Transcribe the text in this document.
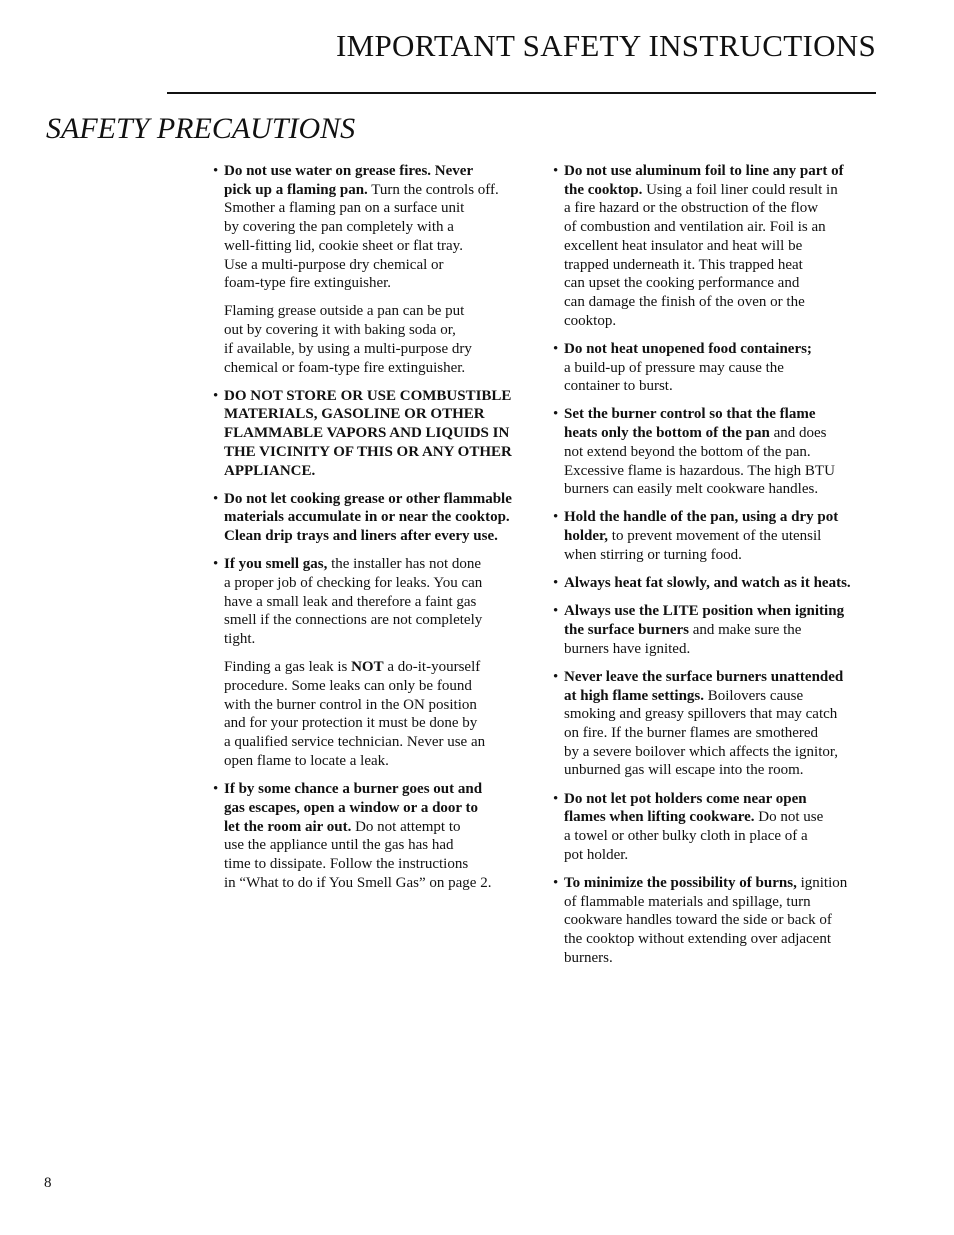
IMPORTANT SAFETY INSTRUCTIONS
SAFETY PRECAUTIONS
• Do not use water on grease fires. Never
pick up a flaming pan. Turn the controls off.
Smother a flaming pan on a surface unit
by covering the pan completely with a
well-fitting lid, cookie sheet or flat tray.
Use a multi-purpose dry chemical or
foam-type fire extinguisher.
Flaming grease outside a pan can be put
out by covering it with baking soda or,
if available, by using a multi-purpose dry
chemical or foam-type fire extinguisher.
• DO NOT STORE OR USE COMBUSTIBLE
MATERIALS, GASOLINE OR OTHER
FLAMMABLE VAPORS AND LIQUIDS IN
THE VICINITY OF THIS OR ANY OTHER
APPLIANCE.
• Do not let cooking grease or other flammable
materials accumulate in or near the cooktop.
Clean drip trays and liners after every use.
• If you smell gas, the installer has not done
a proper job of checking for leaks. You can
have a small leak and therefore a faint gas
smell if the connections are not completely
tight.
Finding a gas leak is NOT a do-it-yourself
procedure. Some leaks can only be found
with the burner control in the ON position
and for your protection it must be done by
a qualified service technician. Never use an
open flame to locate a leak.
• If by some chance a burner goes out and
gas escapes, open a window or a door to
let the room air out. Do not attempt to
use the appliance until the gas has had
time to dissipate. Follow the instructions
in “What to do if You Smell Gas” on page 2.
• Do not use aluminum foil to line any part of
the cooktop. Using a foil liner could result in
a fire hazard or the obstruction of the flow
of combustion and ventilation air. Foil is an
excellent heat insulator and heat will be
trapped underneath it. This trapped heat
can upset the cooking performance and
can damage the finish of the oven or the
cooktop.
• Do not heat unopened food containers;
a build-up of pressure may cause the
container to burst.
• Set the burner control so that the flame
heats only the bottom of the pan and does
not extend beyond the bottom of the pan.
Excessive flame is hazardous. The high BTU
burners can easily melt cookware handles.
• Hold the handle of the pan, using a dry pot
holder, to prevent movement of the utensil
when stirring or turning food.
• Always heat fat slowly, and watch as it heats.
• Always use the LITE position when igniting
the surface burners and make sure the
burners have ignited.
• Never leave the surface burners unattended
at high flame settings. Boilovers cause
smoking and greasy spillovers that may catch
on fire. If the burner flames are smothered
by a severe boilover which affects the ignitor,
unburned gas will escape into the room.
• Do not let pot holders come near open
flames when lifting cookware. Do not use
a towel or other bulky cloth in place of a
pot holder.
• To minimize the possibility of burns, ignition
of flammable materials and spillage, turn
cookware handles toward the side or back of
the cooktop without extending over adjacent
burners.
8
